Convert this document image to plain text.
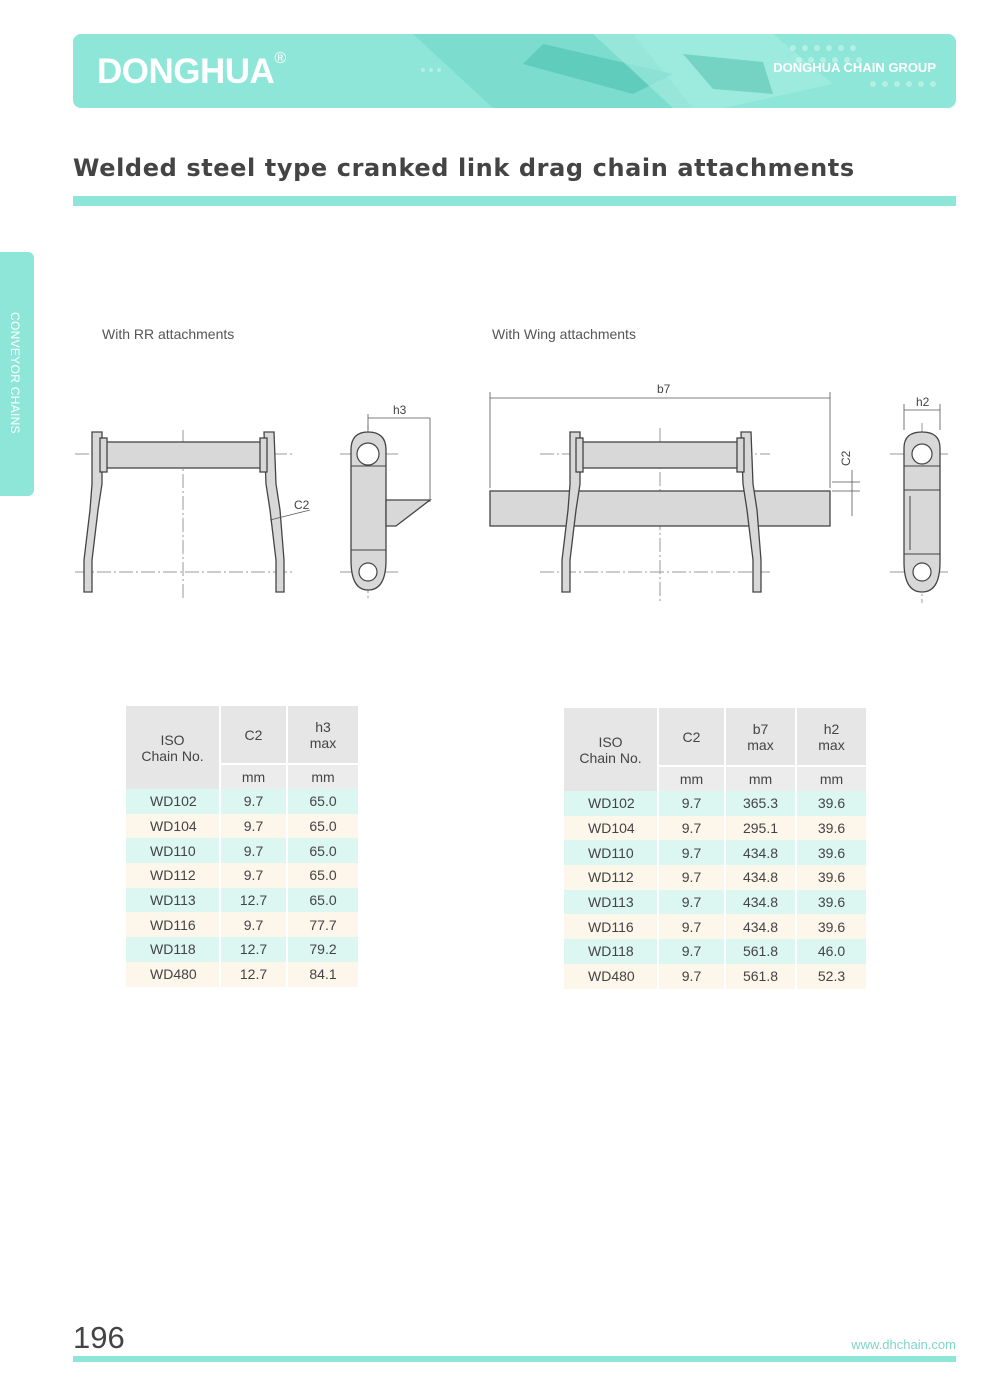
DONGHUA®
DONGHUA CHAIN GROUP
Welded steel type cranked link drag chain attachments
CONVEYOR CHAINS	With RR attachments
h3
C2
With Wing attachments
b7
h2
C2
ISO
Chain No.	C2	h3
max
	mm	mm
WD102	9.7	65.0
WD104	9.7	65.0
WD110	9.7	65.0
WD112	9.7	65.0
WD113	12.7	65.0
WD116	9.7	77.7
WD118	12.7	79.2
WD480	12.7	84.1
ISO
Chain No.	C2	b7
max	h2
max
	mm	mm	mm
WD102	9.7	365.3	39.6
WD104	9.7	295.1	39.6
WD110	9.7	434.8	39.6
WD112	9.7	434.8	39.6
WD113	9.7	434.8	39.6
WD116	9.7	434.8	39.6
WD118	9.7	561.8	46.0
WD480	9.7	561.8	52.3
196	www.dhchain.com
